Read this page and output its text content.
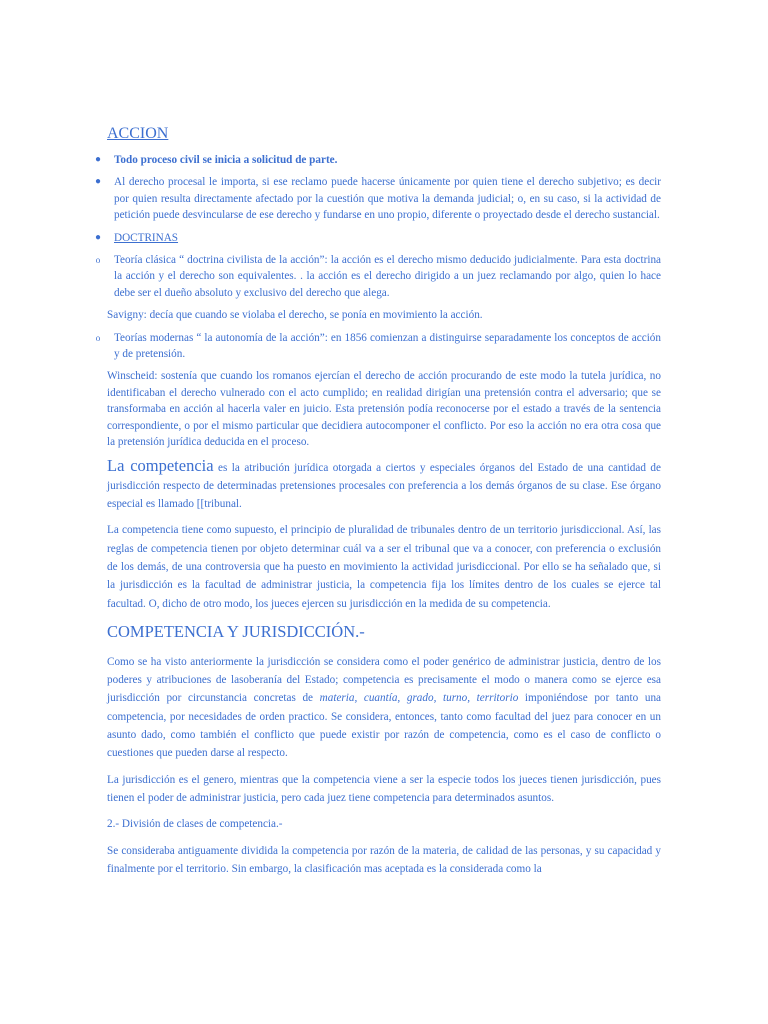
ACCION

● Todo proceso civil se inicia a solicitud de parte.

● Al derecho procesal le importa, si ese reclamo puede hacerse únicamente por quien tiene el derecho subjetivo; es decir por quien resulta directamente afectado por la cuestión que motiva la demanda judicial; o, en su caso, si la actividad de petición puede desvincularse de ese derecho y fundarse en uno propio, diferente o proyectado desde el derecho sustancial.

● DOCTRINAS

o Teoría clásica “ doctrina civilista de la acción”: la acción es el derecho mismo deducido judicialmente. Para esta doctrina la acción y el derecho son equivalentes. . la acción es el derecho dirigido a un juez reclamando por algo, quien lo hace debe ser el dueño absoluto y exclusivo del derecho que alega.

Savigny: decía que cuando se violaba el derecho, se ponía en movimiento la acción.

o Teorías modernas “ la autonomía de la acción”: en 1856 comienzan a distinguirse separadamente los conceptos de acción y de pretensión.

Winscheid: sostenía que cuando los romanos ejercían el derecho de acción procurando de este modo la tutela jurídica, no identificaban el derecho vulnerado con el acto cumplido; en realidad dirigían una pretensión contra el adversario; que se transformaba en acción al hacerla valer en juicio. Esta pretensión podía reconocerse por el estado a través de la sentencia correspondiente, o por el mismo particular que decidiera autocomponer el conflicto. Por eso la acción no era otra cosa que la pretensión jurídica deducida en el proceso.

La competencia es la atribución jurídica otorgada a ciertos y especiales órganos del Estado de una cantidad de jurisdicción respecto de determinadas pretensiones procesales con preferencia a los demás órganos de su clase. Ese órgano especial es llamado [[tribunal.

La competencia tiene como supuesto, el principio de pluralidad de tribunales dentro de un territorio jurisdiccional. Así, las reglas de competencia tienen por objeto determinar cuál va a ser el tribunal que va a conocer, con preferencia o exclusión de los demás, de una controversia que ha puesto en movimiento la actividad jurisdiccional. Por ello se ha señalado que, si la jurisdicción es la facultad de administrar justicia, la competencia fija los límites dentro de los cuales se ejerce tal facultad. O, dicho de otro modo, los jueces ejercen su jurisdicción en la medida de su competencia.

COMPETENCIA Y JURISDICCIÓN.-

Como se ha visto anteriormente la jurisdicción se considera como el poder genérico de administrar justicia, dentro de los poderes y atribuciones de lasoberanía del Estado; competencia es precisamente el modo o manera como se ejerce esa jurisdicción por circunstancia concretas de materia, cuantía, grado, turno, territorio imponiéndose por tanto una competencia, por necesidades de orden practico. Se considera, entonces, tanto como facultad del juez para conocer en un asunto dado, como también el conflicto que puede existir por razón de competencia, como es el caso de conflicto o cuestiones que pueden darse al respecto.

La jurisdicción es el genero, mientras que la competencia viene a ser la especie todos los jueces tienen jurisdicción, pues tienen el poder de administrar justicia, pero cada juez tiene competencia para determinados asuntos.

2.- División de clases de competencia.-

Se consideraba antiguamente dividida la competencia por razón de la materia, de calidad de las personas, y su capacidad y finalmente por el territorio. Sin embargo, la clasificación mas aceptada es la considerada como la
